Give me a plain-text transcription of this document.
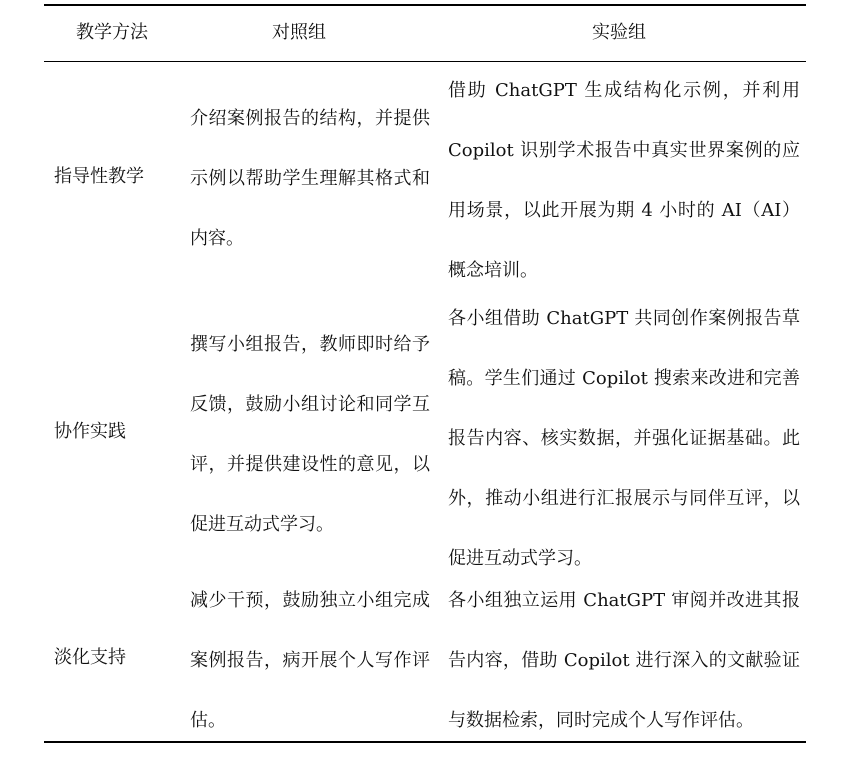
教学方法	对照组	实验组
指导性教学

介绍案例报告的结构，并提供示例以帮助学生理解其格式和内容。

借助 ChatGPT 生成结构化示例，并利用 Copilot 识别学术报告中真实世界案例的应用场景，以此开展为期 4 小时的 AI（AI）概念培训。

协作实践

撰写小组报告，教师即时给予反馈，鼓励小组讨论和同学互评，并提供建设性的意见，以促进互动式学习。

各小组借助 ChatGPT 共同创作案例报告草稿。学生们通过 Copilot 搜索来改进和完善报告内容、核实数据，并强化证据基础。此外，推动小组进行汇报展示与同伴互评，以促进互动式学习。

淡化支持

减少干预，鼓励独立小组完成案例报告，病开展个人写作评估。

各小组独立运用 ChatGPT 审阅并改进其报告内容，借助 Copilot 进行深入的文献验证与数据检索，同时完成个人写作评估。
